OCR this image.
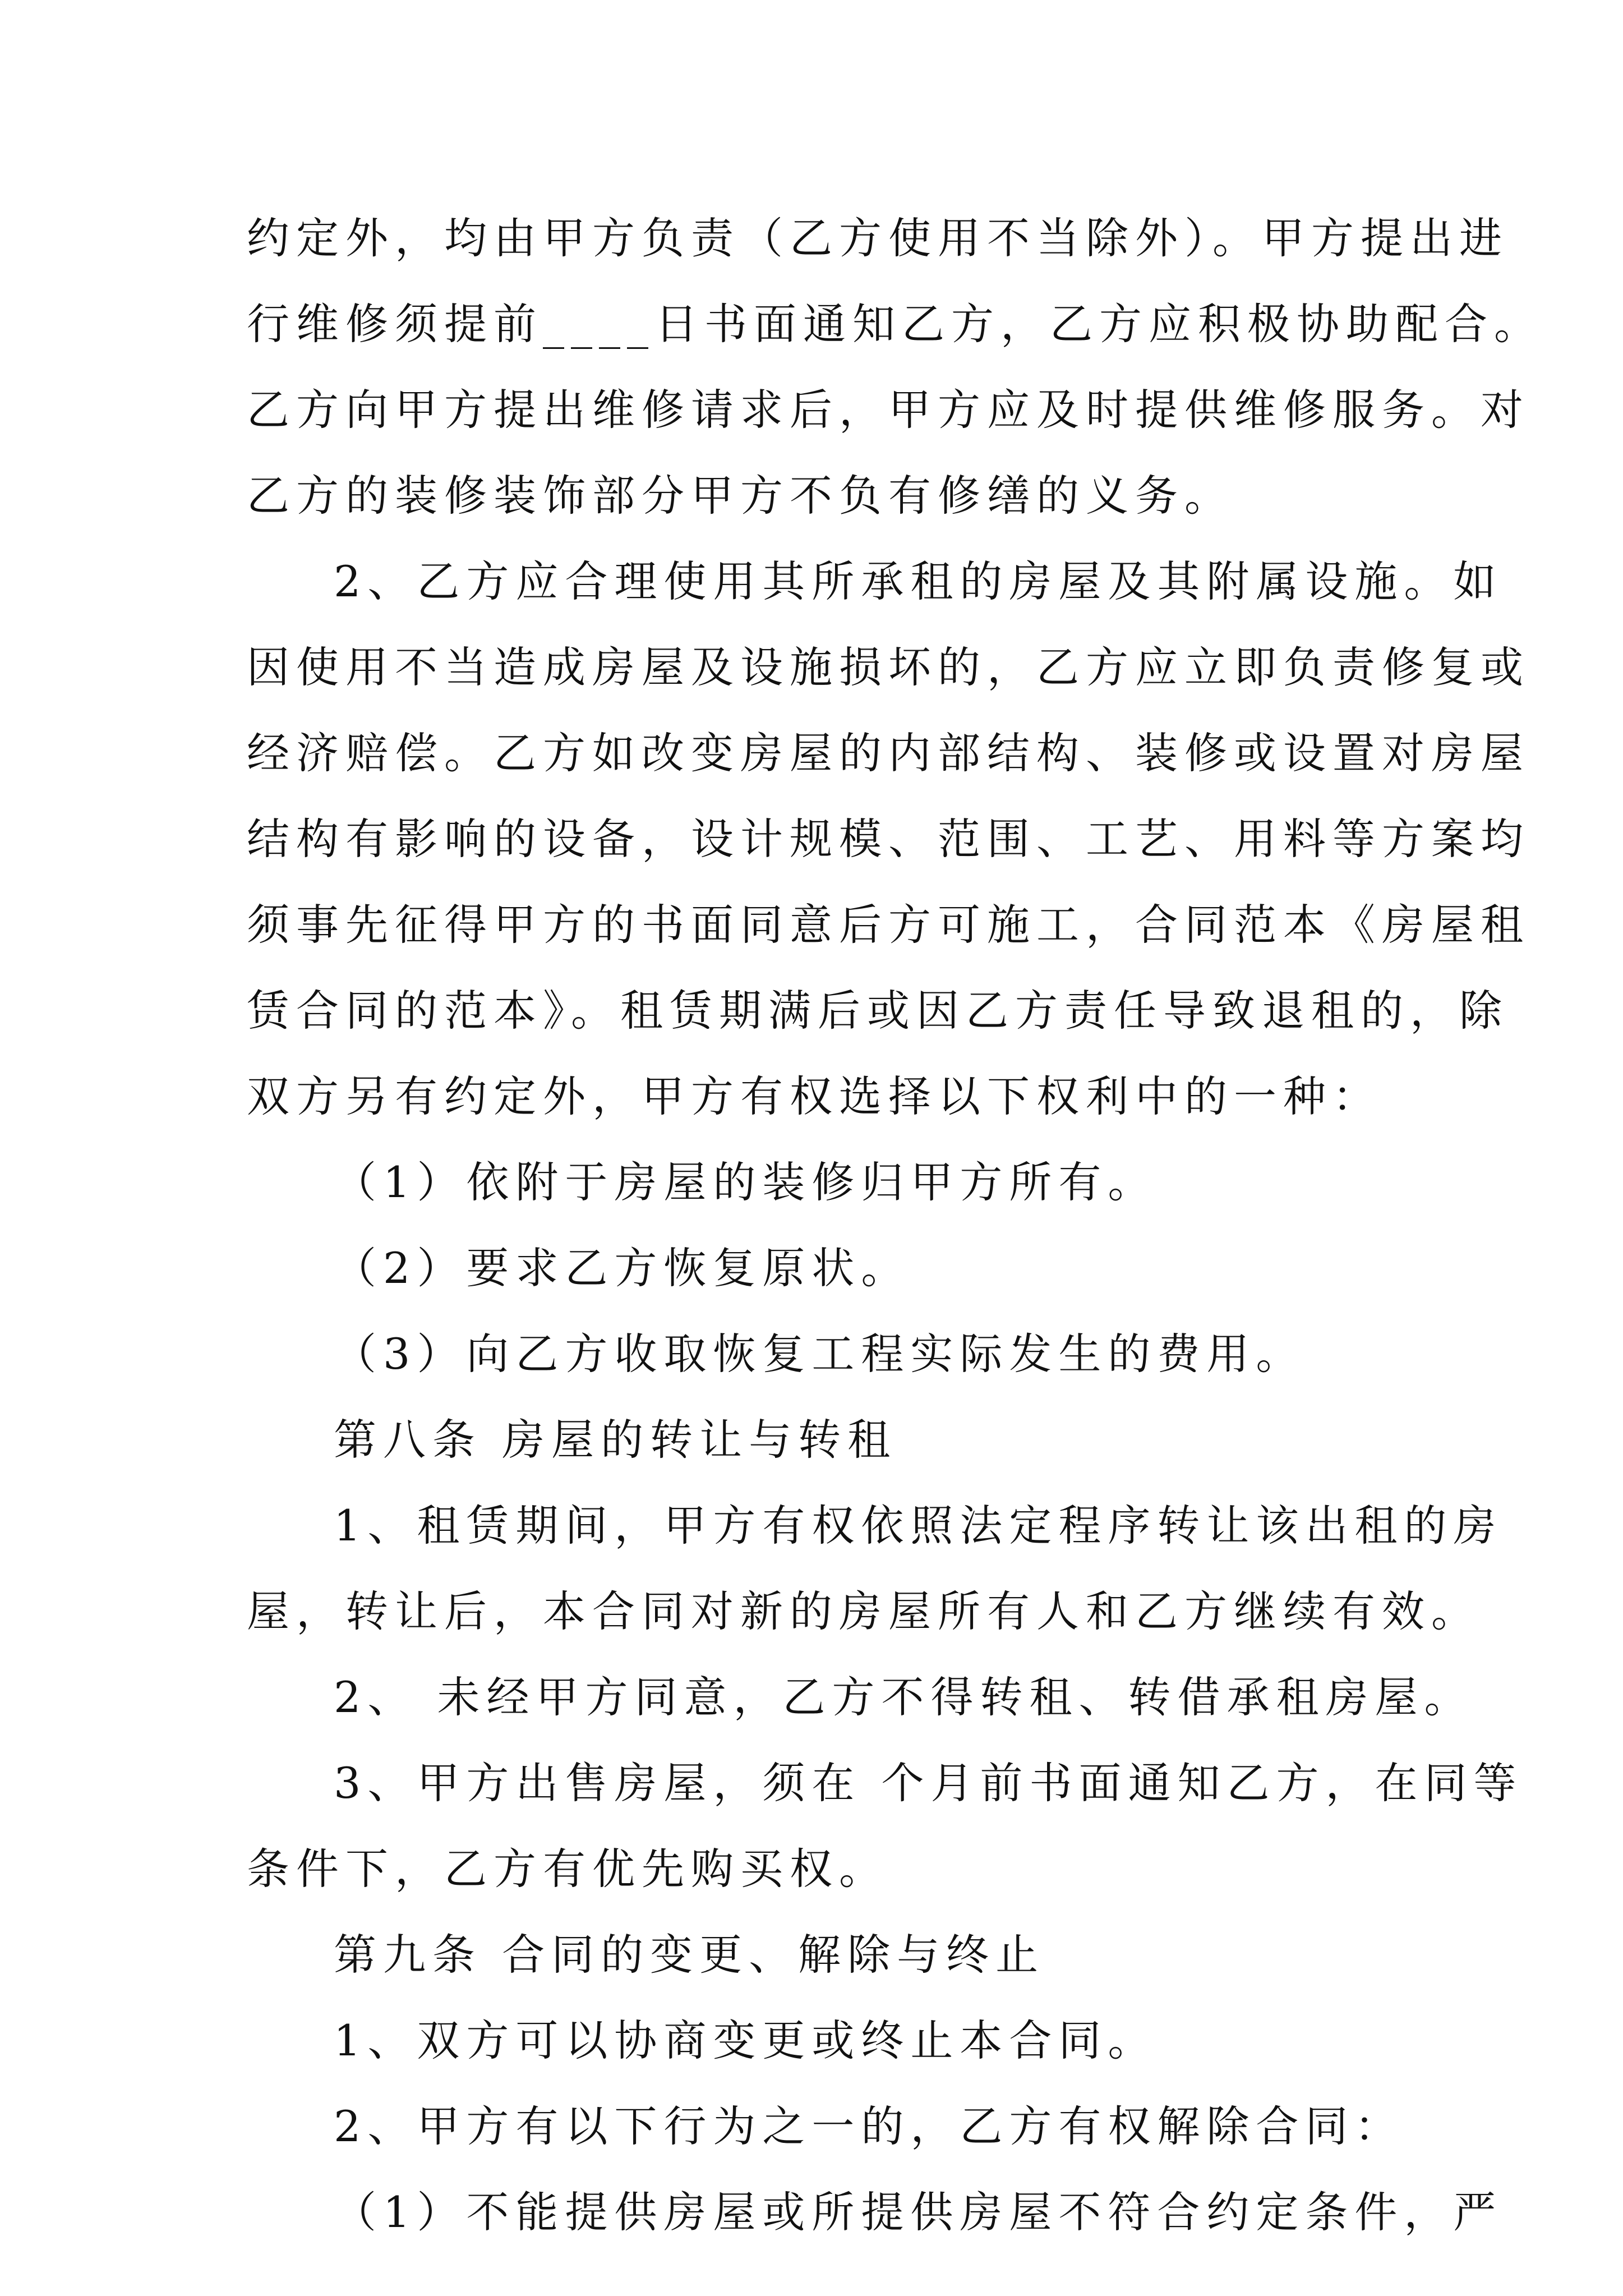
约定外，均由甲方负责（乙方使用不当除外）。甲方提出进
行维修须提前____日书面通知乙方，乙方应积极协助配合。
乙方向甲方提出维修请求后，甲方应及时提供维修服务。对
乙方的装修装饰部分甲方不负有修缮的义务。
2、乙方应合理使用其所承租的房屋及其附属设施。如
因使用不当造成房屋及设施损坏的，乙方应立即负责修复或
经济赔偿。乙方如改变房屋的内部结构、装修或设置对房屋
结构有影响的设备，设计规模、范围、工艺、用料等方案均
须事先征得甲方的书面同意后方可施工，合同范本《房屋租
赁合同的范本》。租赁期满后或因乙方责任导致退租的，除
双方另有约定外，甲方有权选择以下权利中的一种：
（1）依附于房屋的装修归甲方所有。
（2）要求乙方恢复原状。
（3）向乙方收取恢复工程实际发生的费用。
第八条 房屋的转让与转租
1、租赁期间，甲方有权依照法定程序转让该出租的房
屋，转让后，本合同对新的房屋所有人和乙方继续有效。
2、 未经甲方同意，乙方不得转租、转借承租房屋。
3、甲方出售房屋，须在 个月前书面通知乙方，在同等
条件下，乙方有优先购买权。
第九条 合同的变更、解除与终止
1、双方可以协商变更或终止本合同。
2、甲方有以下行为之一的，乙方有权解除合同：
（1）不能提供房屋或所提供房屋不符合约定条件，严
